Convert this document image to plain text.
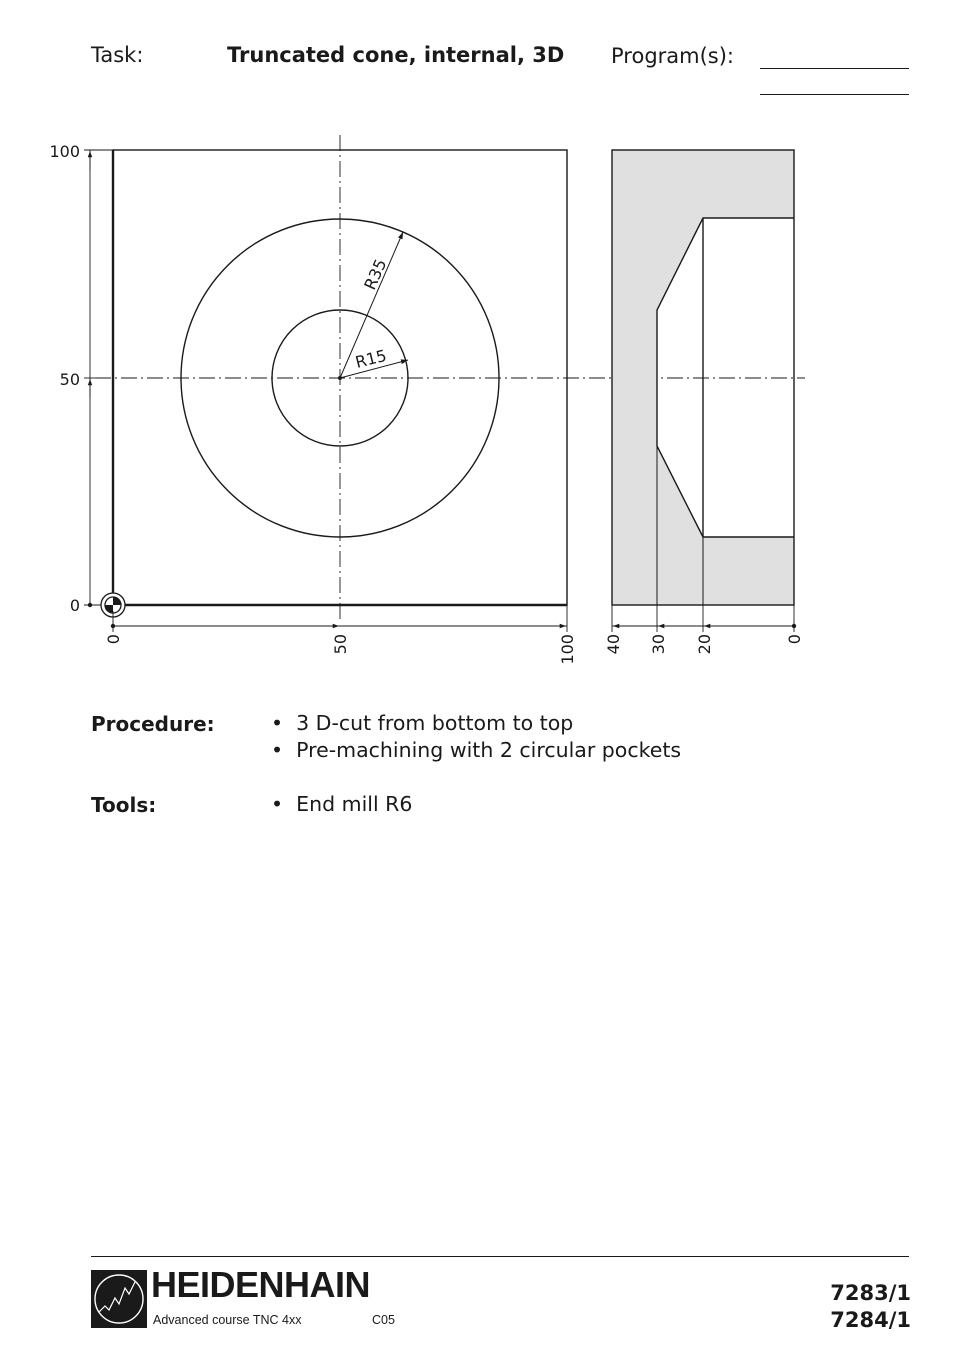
Task:	Truncated cone, internal, 3D Program(s):
R35
R15
100
50
0
0	50	100 40 30 20	0
Procedure:	•  3 D-cut from bottom to top
•  Pre-machining with 2 circular pockets
Tools:	•  End mill R6
HEIDENHAIN
Advanced course TNC 4xx	C05
7283/1
7284/1
